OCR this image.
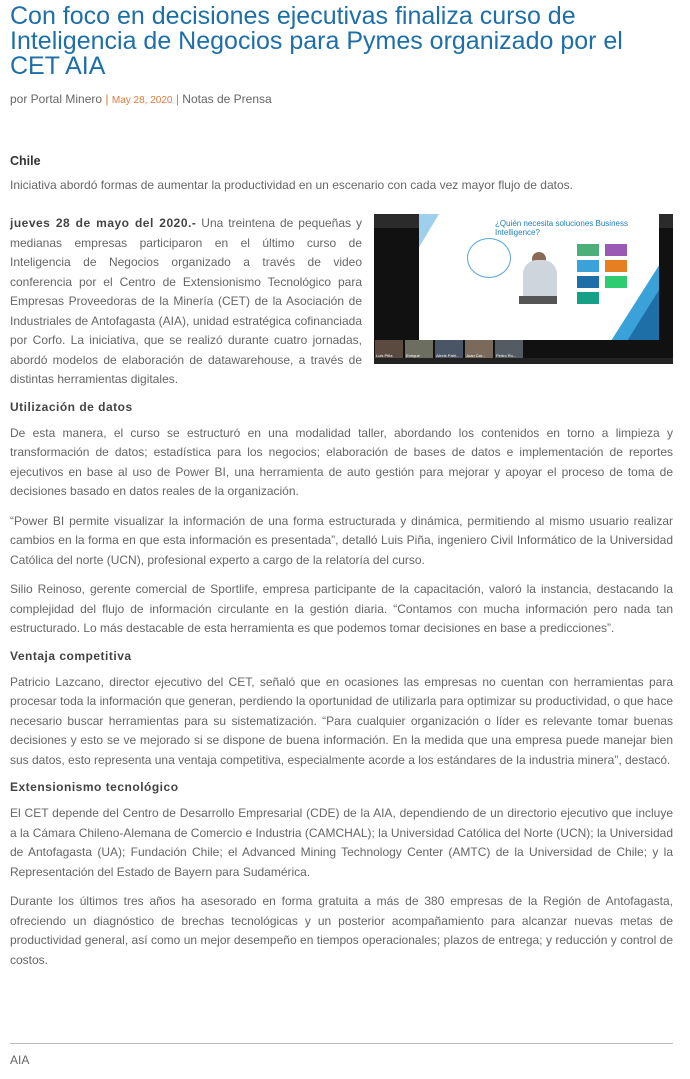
Con foco en decisiones ejecutivas finaliza curso de Inteligencia de Negocios para Pymes organizado por el CET AIA
por Portal Minero | May 28, 2020 | Notas de Prensa
Chile
Iniciativa abordó formas de aumentar la productividad en un escenario con cada vez mayor flujo de datos.
¿Quién necesita soluciones Business Intelligence?
Luis Piña	Enrique	Alexis Patri... Juan Car...	Pedro Ro...

jueves 28 de mayo del 2020.- Una treintena de pequeñas y medianas empresas participaron en el último curso de Inteligencia de Negocios organizado a través de video conferencia por el Centro de Extensionismo Tecnológico para Empresas Proveedoras de la Minería (CET) de la Asociación de Industriales de Antofagasta (AIA), unidad estratégica cofinanciada por Corfo. La iniciativa, que se realizó durante cuatro jornadas, abordó modelos de elaboración de datawarehouse, a través de distintas herramientas digitales.

Utilización de datos

De esta manera, el curso se estructuró en una modalidad taller, abordando los contenidos en torno a limpieza y transformación de datos; estadística para los negocios; elaboración de bases de datos e implementación de reportes ejecutivos en base al uso de Power BI, una herramienta de auto gestión para mejorar y apoyar el proceso de toma de decisiones basado en datos reales de la organización.

“Power BI permite visualizar la información de una forma estructurada y dinámica, permitiendo al mismo usuario realizar cambios en la forma en que esta información es presentada”, detalló Luis Piña, ingeniero Civil Informático de la Universidad Católica del norte (UCN), profesional experto a cargo de la relatoría del curso.

Silio Reinoso, gerente comercial de Sportlife, empresa participante de la capacitación, valoró la instancia, destacando la complejidad del flujo de información circulante en la gestión diaria. “Contamos con mucha información pero nada tan estructurado. Lo más destacable de esta herramienta es que podemos tomar decisiones en base a predicciones”.

Ventaja competitiva

Patricio Lazcano, director ejecutivo del CET, señaló que en ocasiones las empresas no cuentan con herramientas para procesar toda la información que generan, perdiendo la oportunidad de utilizarla para optimizar su productividad, o que hace necesario buscar herramientas para su sistematización. “Para cualquier organización o líder es relevante tomar buenas decisiones y esto se ve mejorado si se dispone de buena información. En la medida que una empresa puede manejar bien sus datos, esto representa una ventaja competitiva, especialmente acorde a los estándares de la industria minera”, destacó.

Extensionismo tecnológico

El CET depende del Centro de Desarrollo Empresarial (CDE) de la AIA, dependiendo de un directorio ejecutivo que incluye a la Cámara Chileno-Alemana de Comercio e Industria (CAMCHAL); la Universidad Católica del Norte (UCN); la Universidad de Antofagasta (UA); Fundación Chile; el Advanced Mining Technology Center (AMTC) de la Universidad de Chile; y la Representación del Estado de Bayern para Sudamérica.

Durante los últimos tres años ha asesorado en forma gratuita a más de 380 empresas de la Región de Antofagasta, ofreciendo un diagnóstico de brechas tecnológicas y un posterior acompañamiento para alcanzar nuevas metas de productividad general, así como un mejor desempeño en tiempos operacionales; plazos de entrega; y reducción y control de costos.

AIA
